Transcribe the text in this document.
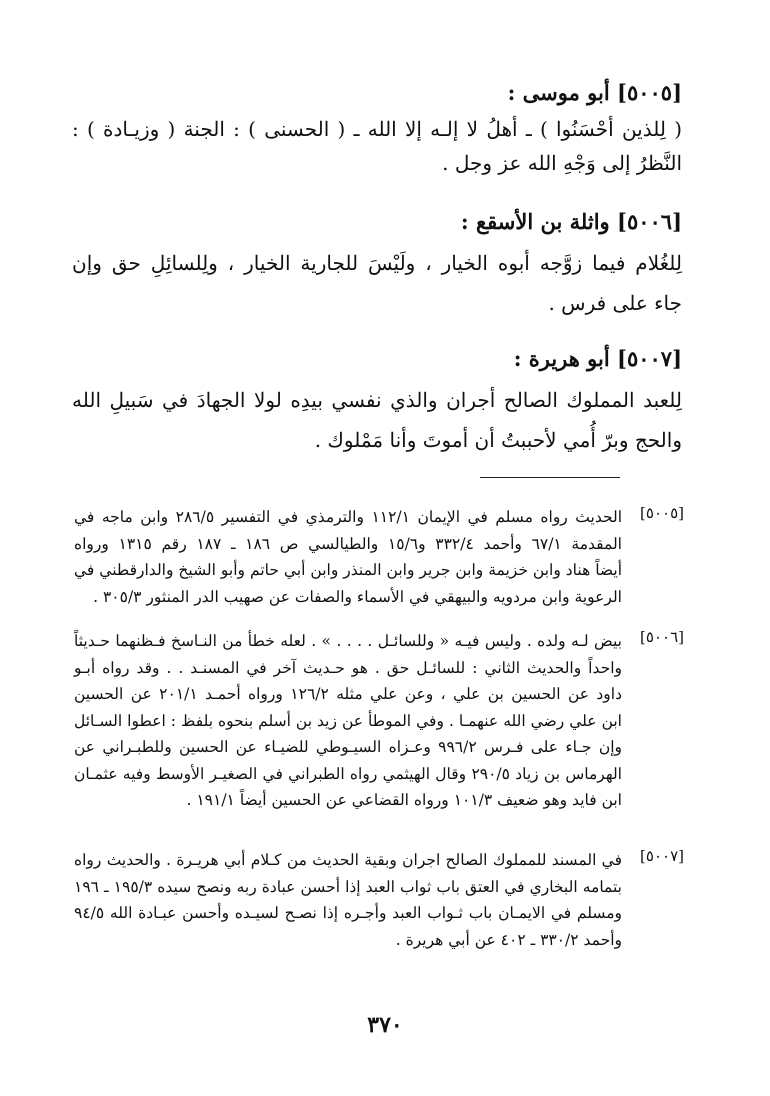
[٥٠٠٥] أبو موسى :
( لِلذين أحْسَنُوا ) ـ أهلُ لا إلـه إلا الله ـ ( الحسنى ) : الجنة ( وزيـادة ) :
النَّظرُ إلى وَجْهِ الله عز وجل .
[٥٠٠٦] واثلة بن الأسقع :
لِلغُلام فيما زوَّجه أبوه الخيار ، ولَيْسَ للجارية الخيار ، ولِلسائِلِ حق وإن
جاء على فرس .
[٥٠٠٧] أبو هريرة :
لِلعبد المملوك الصالح أجران والذي نفسي بيدِه لولا الجهادَ في سَبيلِ الله
والحج وبرّ أُمي لأحببتُ أن أموتَ وأنا مَمْلوك .
[٥٠٠٥]
الحديث رواه مسلم في الإيمان ١١٢/١ والترمذي في التفسير ٢٨٦/٥ وابن ماجه في
المقدمة ٦٧/١ وأحمد ٣٣٢/٤ و١٥/٦ والطيالسي ص ١٨٦ ـ ١٨٧ رقم ١٣١٥ ورواه
أيضاً هناد وابن خزيمة وابن جرير وابن المنذر وابن أبي حاتم وأبو الشيخ والدارقطني في
الرعوية وابن مردويه والبيهقي في الأسماء والصفات عن صهيب الدر المنثور ٣٠٥/٣ .
[٥٠٠٦]
بيض لـه ولده . وليس فيـه « وللسائـل . . . . » . لعله خطأ من النـاسخ فـظنهما حـديثاً
واحداً والحديث الثاني : للسائـل حق . هو حـديث آخر في المسنـد . . وقد رواه أبـو
داود عن الحسين بن علي ، وعن علي مثله ١٢٦/٢ ورواه أحمـد ٢٠١/١ عن الحسين
ابن علي رضي الله عنهمـا . وفي الموطأ عن زيد بن أسلم بنحوه بلفظ : اعطوا السـائل
وإن جـاء على فـرس ٩٩٦/٢ وعـزاه السيـوطي للضيـاء عن الحسين وللطبـراني عن
الهرماس بن زياد ٢٩٠/٥ وقال الهيثمي رواه الطبراني في الصغيـر الأوسط وفيه عثمـان
ابن فايد وهو ضعيف ١٠١/٣ ورواه القضاعي عن الحسين أيضاً ١٩١/١ .
[٥٠٠٧]
في المسند للمملوك الصالح اجران وبقية الحديث من كـلام أبي هريـرة . والحديث رواه
بتمامه البخاري في العتق باب ثواب العبد إذا أحسن عبادة ربه ونصح سيده ١٩٥/٣ ـ ١٩٦
ومسلم في الايمـان باب ثـواب العبد وأجـره إذا نصـح لسيـده وأحسن عبـادة الله ٩٤/٥
وأحمد ٣٣٠/٢ ـ ٤٠٢ عن أبي هريرة .
٣٧٠
